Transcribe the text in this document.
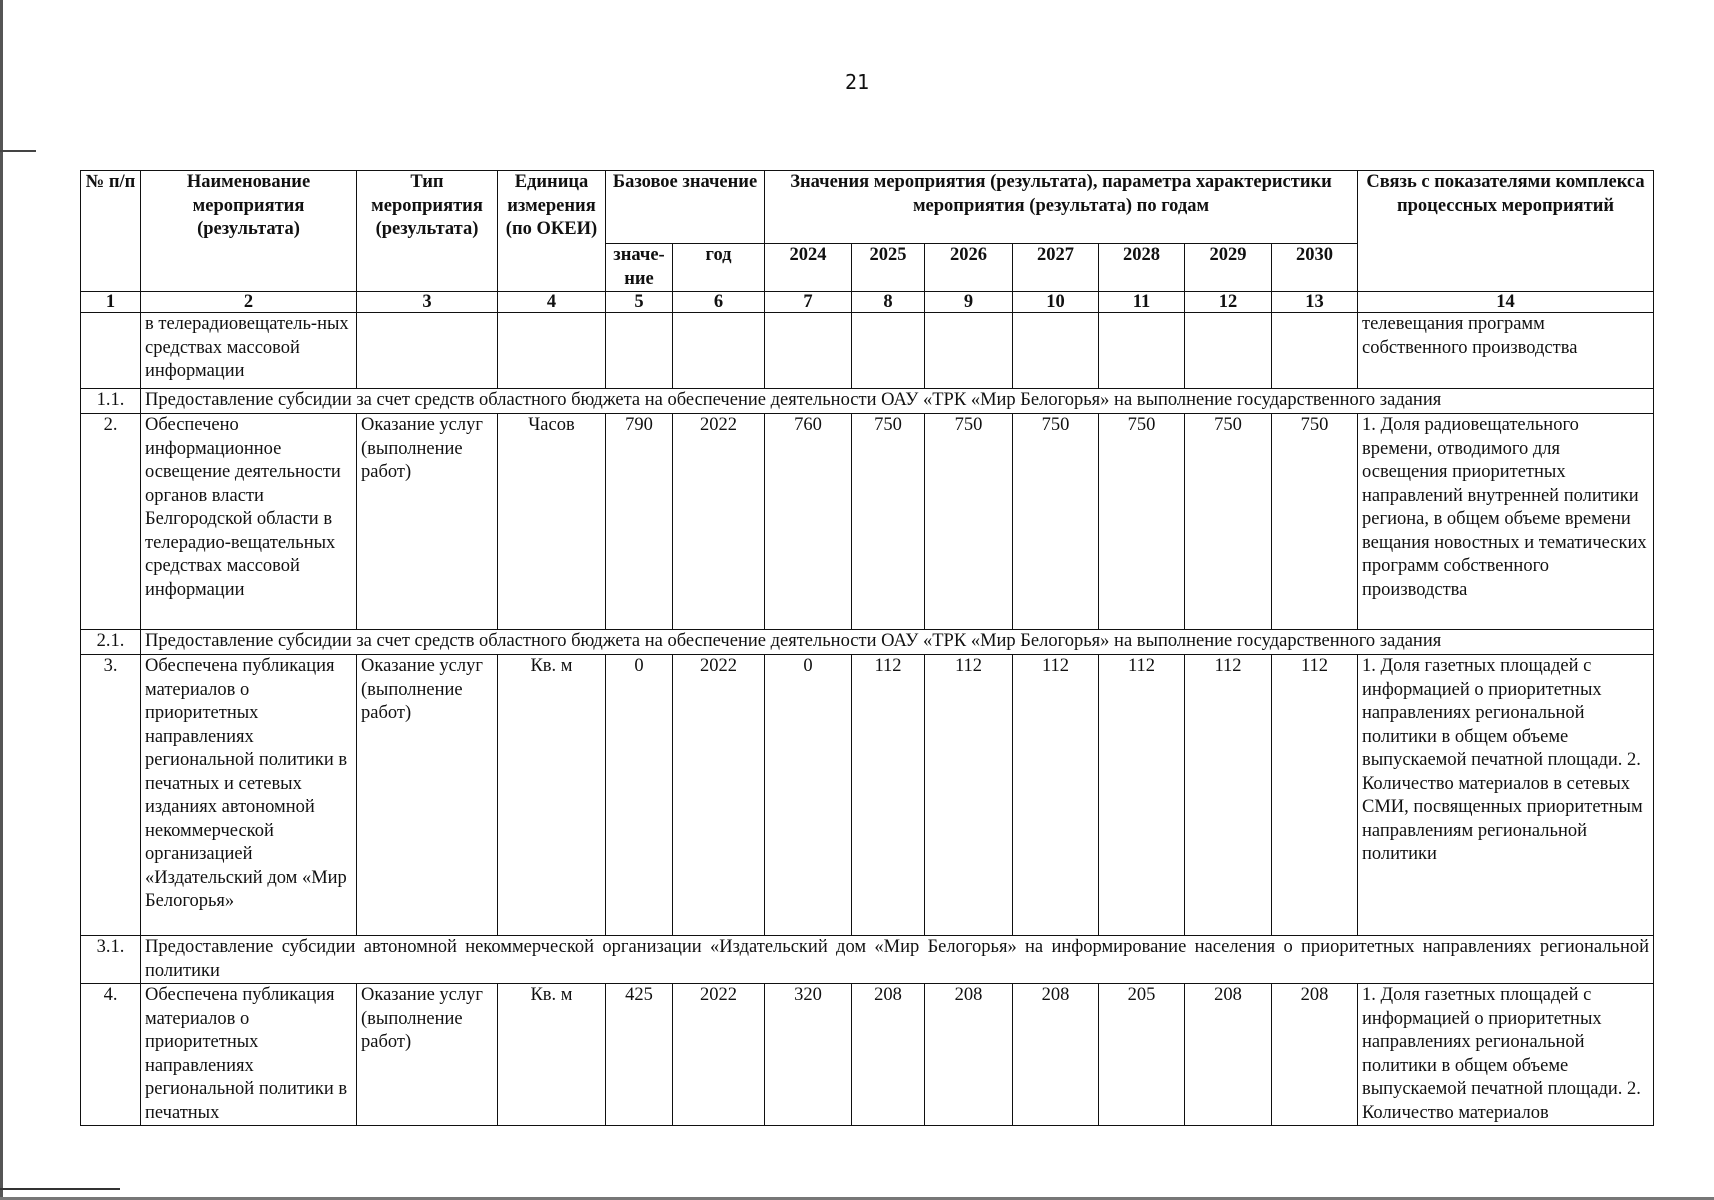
21
№ п/п	Наименование мероприятия (результата)	Тип мероприятия (результата)	Единица измерения (по ОКЕИ)	Базовое значение		Значения мероприятия (результата), параметра характеристики мероприятия (результата) по годам							Связь с показателями комплекса процессных мероприятий
				значе-ние	год	2024	2025	2026	2027	2028	2029	2030	
1	2	3	4	5	6	7	8	9	10	11	12	13	14
	в телерадиовещатель-ных средствах массовой информации												телевещания программ собственного производства
1.1.	Предоставление субсидии за счет средств областного бюджета на обеспечение деятельности ОАУ «ТРК «Мир Белогорья» на выполнение государственного задания												
2.	Обеспечено информационное освещение деятельности органов власти Белгородской области в телерадио-вещательных средствах массовой информации	Оказание услуг (выполнение работ)	Часов	790	2022	760	750	750	750	750	750	750	1. Доля радиовещательного времени, отводимого для освещения приоритетных направлений внутренней политики региона, в общем объеме времени вещания новостных и тематических программ собственного производства
2.1.	Предоставление субсидии за счет средств областного бюджета на обеспечение деятельности ОАУ «ТРК «Мир Белогорья» на выполнение государственного задания												
3.	Обеспечена публикация материалов о приоритетных направлениях региональной политики в печатных и сетевых изданиях автономной некоммерческой организацией «Издательский дом «Мир Белогорья»	Оказание услуг (выполнение работ)	Кв. м	0	2022	0	112	112	112	112	112	112	1. Доля газетных площадей с информацией о приоритетных направлениях региональной политики в общем объеме выпускаемой печатной площади. 2. Количество материалов в сетевых СМИ, посвященных приоритетным направлениям региональной политики
3.1.	Предоставление субсидии автономной некоммерческой организации «Издательский дом «Мир Белогорья» на информирование населения о приоритетных направлениях региональной политики												
4.	Обеспечена публикация материалов о приоритетных направлениях региональной политики в печатных	Оказание услуг (выполнение работ)	Кв. м	425	2022	320	208	208	208	205	208	208	1. Доля газетных площадей с информацией о приоритетных направлениях региональной политики в общем объеме выпускаемой печатной площади. 2. Количество материалов
